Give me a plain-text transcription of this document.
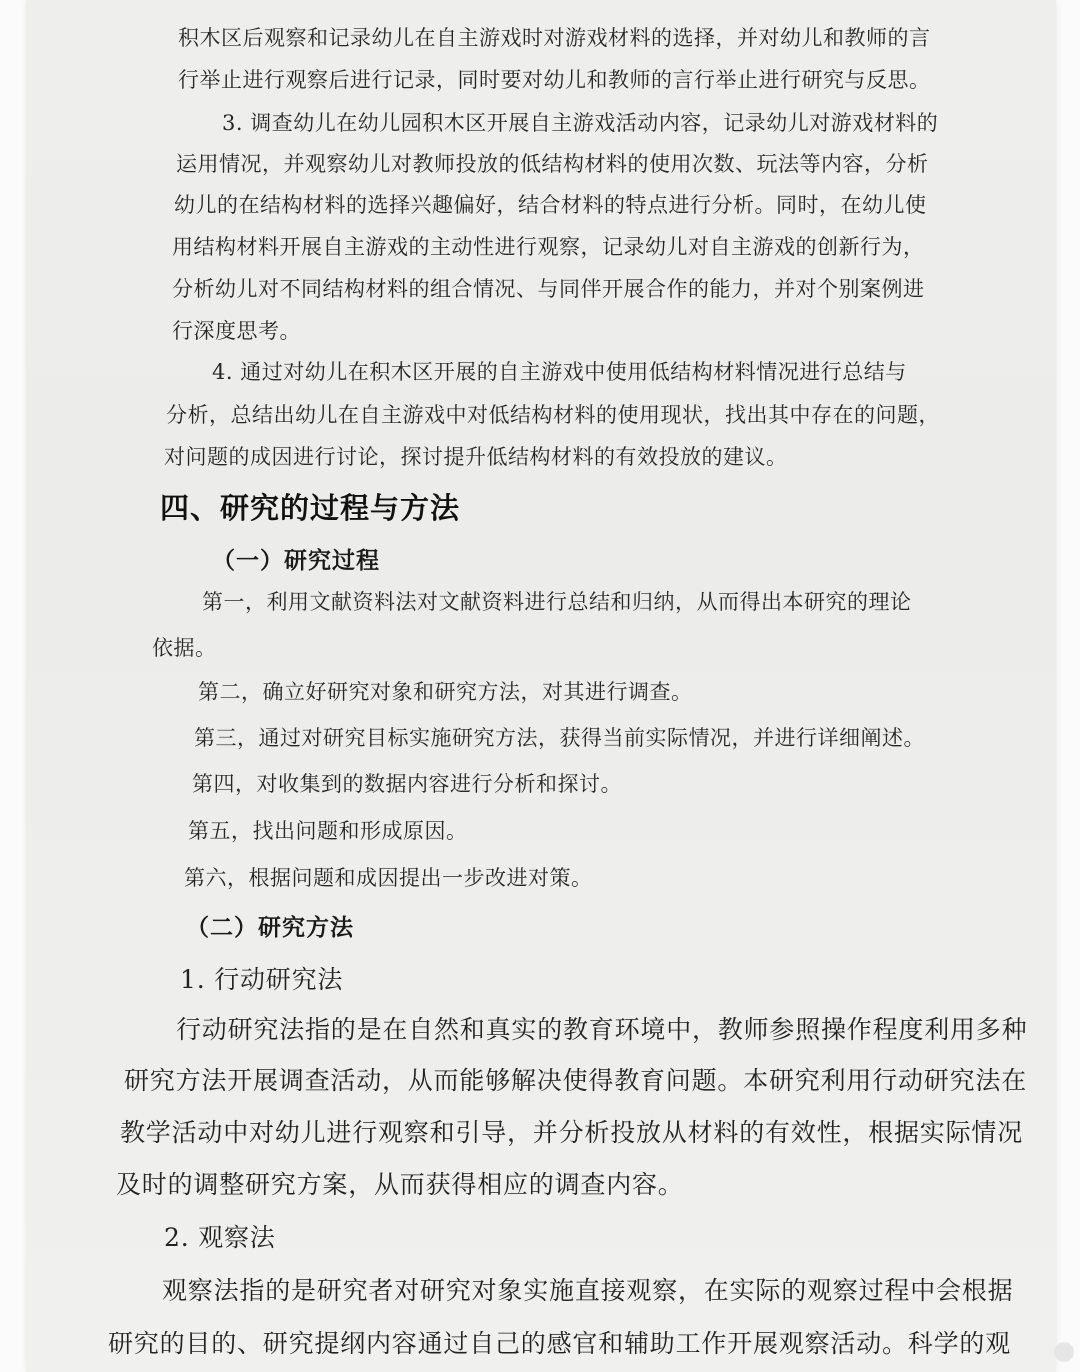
积木区后观察和记录幼儿在自主游戏时对游戏材料的选择，并对幼儿和教师的言
行举止进行观察后进行记录，同时要对幼儿和教师的言行举止进行研究与反思。
3. 调查幼儿在幼儿园积木区开展自主游戏活动内容，记录幼儿对游戏材料的
运用情况，并观察幼儿对教师投放的低结构材料的使用次数、玩法等内容，分析
幼儿的在结构材料的选择兴趣偏好，结合材料的特点进行分析。同时，在幼儿使
用结构材料开展自主游戏的主动性进行观察，记录幼儿对自主游戏的创新行为，
分析幼儿对不同结构材料的组合情况、与同伴开展合作的能力，并对个别案例进
行深度思考。
4. 通过对幼儿在积木区开展的自主游戏中使用低结构材料情况进行总结与
分析，总结出幼儿在自主游戏中对低结构材料的使用现状，找出其中存在的问题，
对问题的成因进行讨论，探讨提升低结构材料的有效投放的建议。
四、研究的过程与方法
（一）研究过程
第一，利用文献资料法对文献资料进行总结和归纳，从而得出本研究的理论
依据。
第二，确立好研究对象和研究方法，对其进行调查。
第三，通过对研究目标实施研究方法，获得当前实际情况，并进行详细阐述。
第四，对收集到的数据内容进行分析和探讨。
第五，找出问题和形成原因。
第六，根据问题和成因提出一步改进对策。
（二）研究方法
1. 行动研究法
行动研究法指的是在自然和真实的教育环境中，教师参照操作程度利用多种
研究方法开展调查活动，从而能够解决使得教育问题。本研究利用行动研究法在
教学活动中对幼儿进行观察和引导，并分析投放从材料的有效性，根据实际情况
及时的调整研究方案，从而获得相应的调查内容。
2. 观察法
观察法指的是研究者对研究对象实施直接观察，在实际的观察过程中会根据
研究的目的、研究提纲内容通过自己的感官和辅助工作开展观察活动。科学的观
